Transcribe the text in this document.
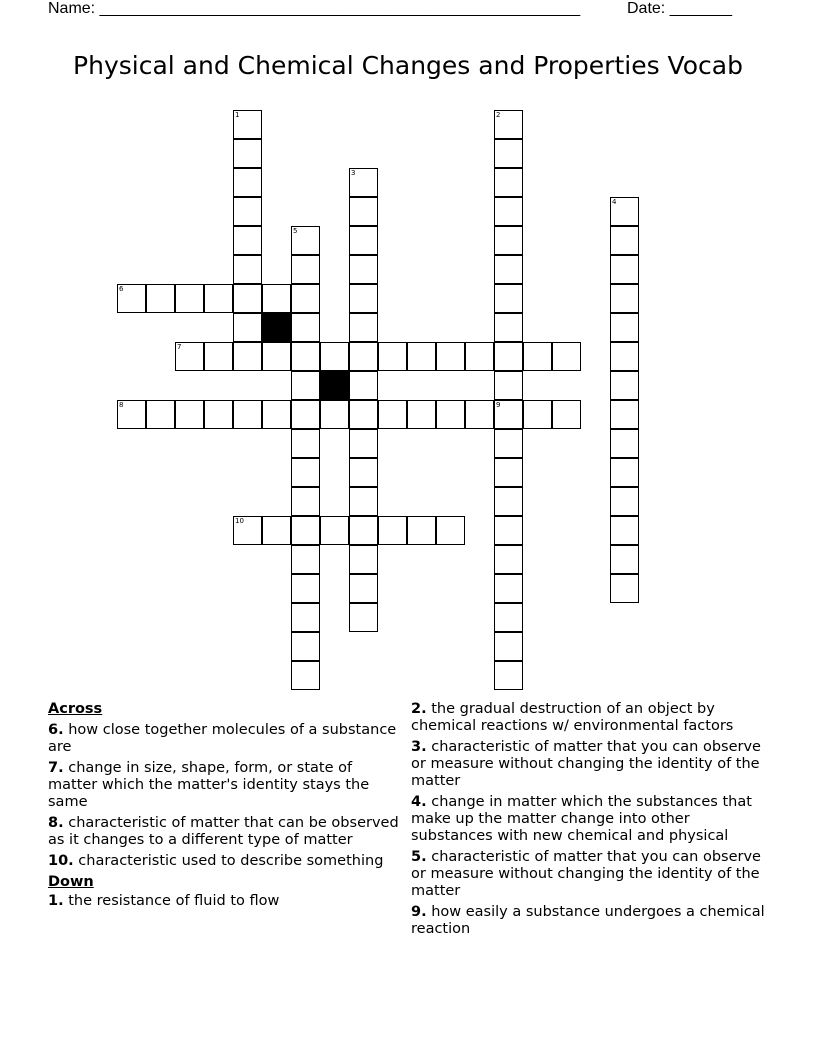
Name: ______________________________________________________	Date: _______
Physical and Chemical Changes and Properties Vocab
1	2
9
3
4
5
6
7
8
10
Across
6. how close together molecules of a substance are
7. change in size, shape, form, or state of matter which the matter's identity stays the same
8. characteristic of matter that can be observed as it changes to a different type of matter
10. characteristic used to describe something
Down
1. the resistance of fluid to flow
2. the gradual destruction of an object by chemical reactions w/ environmental factors
3. characteristic of matter that you can observe or measure without changing the identity of the matter
4. change in matter which the substances that make up the matter change into other substances with new chemical and physical
5. characteristic of matter that you can observe or measure without changing the identity of the matter
9. how easily a substance undergoes a chemical reaction
